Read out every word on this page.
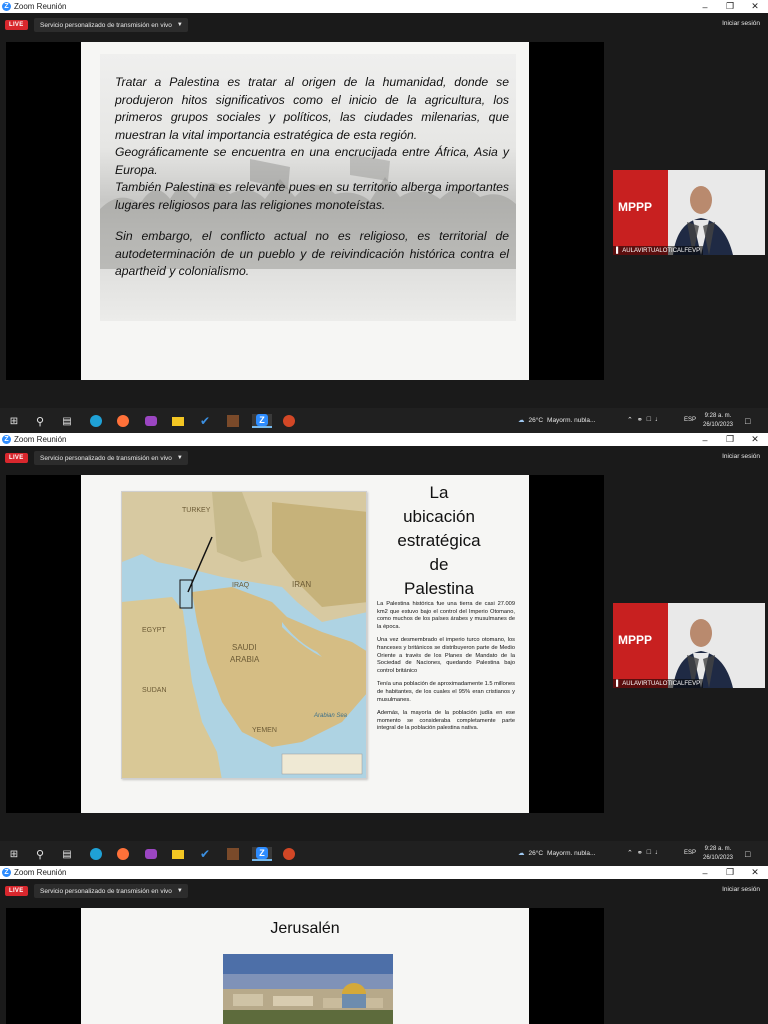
Z Zoom Reunión	–	❐	✕
LIVE	Servicio personalizado de transmisión en vivo ▼	Iniciar sesión

Tratar a Palestina es tratar al origen de la humanidad, donde se produjeron hitos significativos como el inicio de la agricultura, los primeros grupos sociales y políticos, las ciudades milenarias, que muestran la vital importancia estratégica de esta región.

Geográficamente se encuentra en una encrucijada entre África, Asia y Europa.

También Palestina es relevante pues en su territorio alberga importantes lugares religiosos para las religiones monoteístas.

Sin embargo, el conflicto actual no es religioso, es territorial de autodeterminación de un pueblo y de reivindicación histórica contra el apartheid y colonialismo.

MPPP
▌ AULAVIRTUALOTICALFEVP
⊞ ⚲ ▤	✔	Z	☁ 26°C Mayorm. nubla...	⌃ ⚭ □ ♩	ESP
9:28 a. m.
26/10/2023	□
Z Zoom Reunión	–	❐	✕
LIVE	Servicio personalizado de transmisión en vivo ▼	Iniciar sesión
IRAN
IRAQ
EGYPT
SAUDI
ARABIA
SUDAN
YEMEN
Arabian Sea
TURKEY
La
ubicación
estratégica
de
Palestina

La Palestina histórica fue una tierra de casi 27.009 km2 que estuvo bajo el control del Imperio Otomano, como muchos de los países árabes y musulmanes de la época.

Una vez desmembrado el imperio turco otomano, los franceses y británicos se distribuyeron parte de Medio Oriente a través de los Planes de Mandato de la Sociedad de Naciones, quedando Palestina bajo control británico

Tenía una población de aproximadamente 1.5 millones de habitantes, de los cuales el 95% eran cristianos y musulmanes.

Además, la mayoría de la población judía en ese momento se consideraba completamente parte integral de la población palestina nativa.

MPPP
▌ AULAVIRTUALOTICALFEVP
⊞ ⚲ ▤	✔	Z	☁ 26°C Mayorm. nubla...	⌃ ⚭ □ ♩	ESP
9:28 a. m.
26/10/2023	□
Z Zoom Reunión	–	❐	✕
LIVE	Servicio personalizado de transmisión en vivo ▼	Iniciar sesión
Jerusalén
